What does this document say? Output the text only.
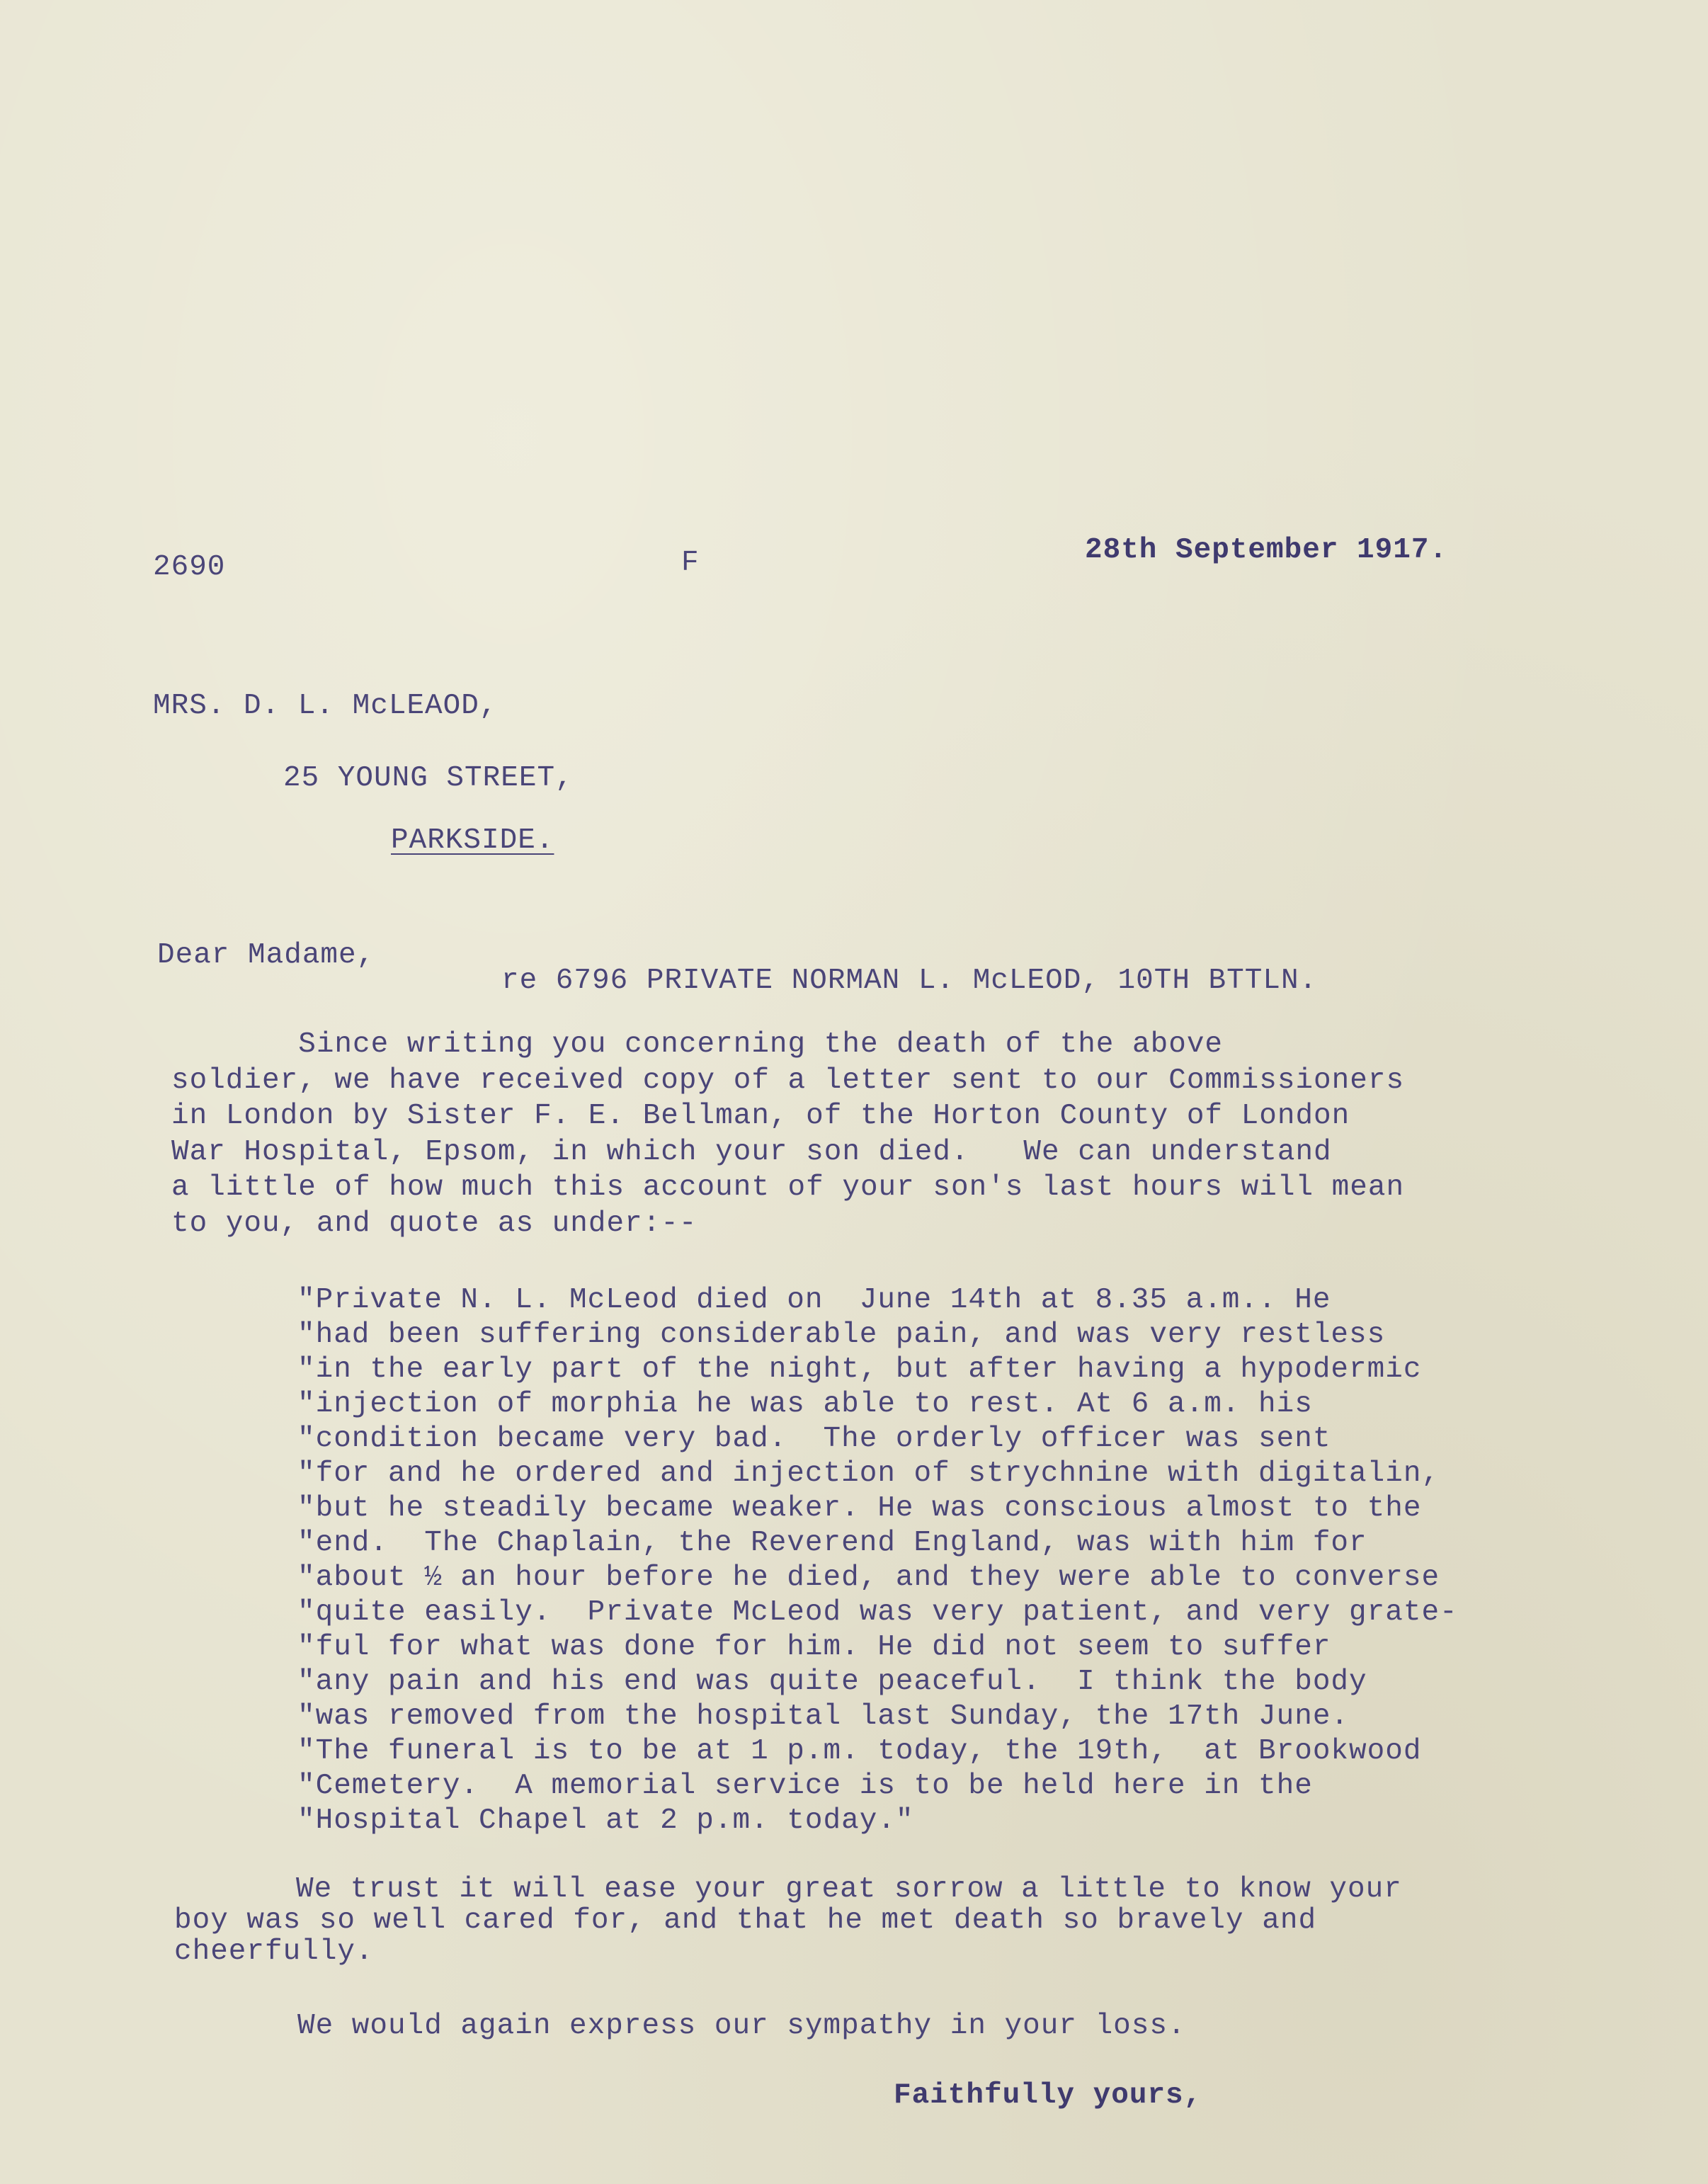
2690	F	28th September 1917.

MRS. D. L. McLEAOD,

25 YOUNG STREET,

PARKSIDE.

Dear Madame,

re 6796 PRIVATE NORMAN L. McLEOD, 10TH BTTLN.

Since writing you concerning the death of the above
soldier, we have received copy of a letter sent to our Commissioners
in London by Sister F. E. Bellman, of the Horton County of London
War Hospital, Epsom, in which your son died.   We can understand
a little of how much this account of your son's last hours will mean
to you, and quote as under:--
"Private N. L. McLeod died on  June 14th at 8.35 a.m.. He
"had been suffering considerable pain, and was very restless
"in the early part of the night, but after having a hypodermic
"injection of morphia he was able to rest. At 6 a.m. his
"condition became very bad.  The orderly officer was sent
"for and he ordered and injection of strychnine with digitalin,
"but he steadily became weaker. He was conscious almost to the
"end.  The Chaplain, the Reverend England, was with him for
"about ½ an hour before he died, and they were able to converse
"quite easily.  Private McLeod was very patient, and very grate-
"ful for what was done for him. He did not seem to suffer
"any pain and his end was quite peaceful.  I think the body
"was removed from the hospital last Sunday, the 17th June.
"The funeral is to be at 1 p.m. today, the 19th,  at Brookwood
"Cemetery.  A memorial service is to be held here in the
"Hospital Chapel at 2 p.m. today."
We trust it will ease your great sorrow a little to know your
boy was so well cared for, and that he met death so bravely and
cheerfully.

We would again express our sympathy in your loss.

Faithfully yours,
